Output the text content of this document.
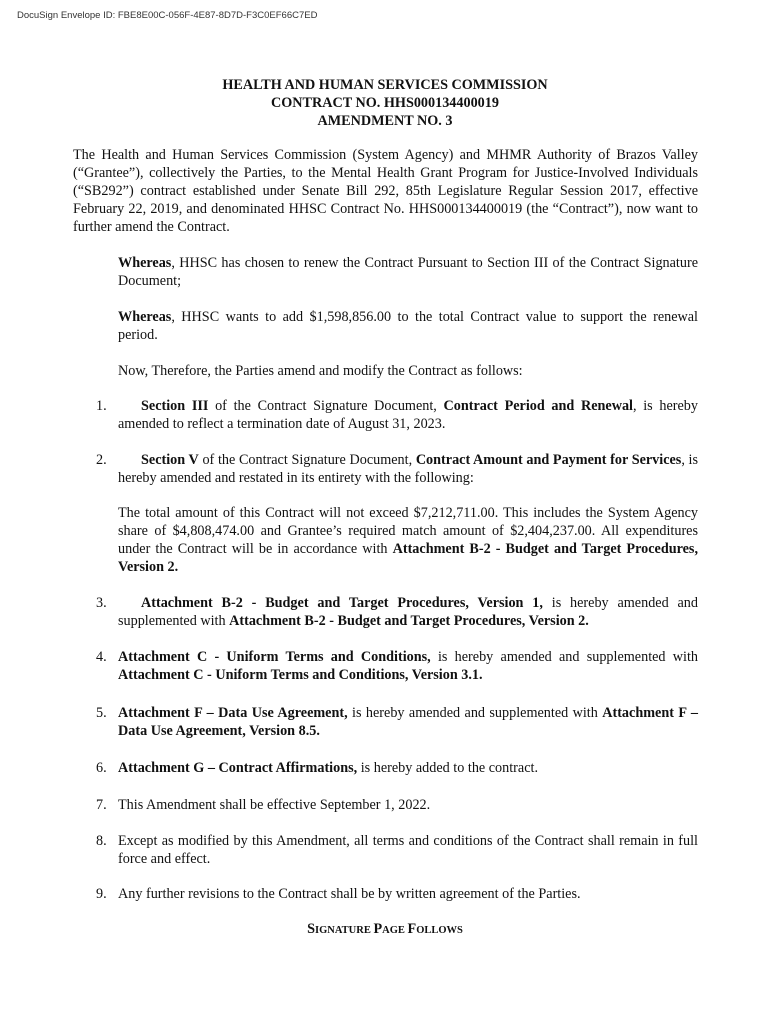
DocuSign Envelope ID: FBE8E00C-056F-4E87-8D7D-F3C0EF66C7ED
HEALTH AND HUMAN SERVICES COMMISSION
CONTRACT NO. HHS000134400019
AMENDMENT NO. 3

The Health and Human Services Commission (System Agency) and MHMR Authority of Brazos Valley (“Grantee”), collectively the Parties, to the Mental Health Grant Program for Justice-Involved Individuals (“SB292”) contract established under Senate Bill 292, 85th Legislature Regular Session 2017, effective February 22, 2019, and denominated HHSC Contract No. HHS000134400019 (the “Contract”), now want to further amend the Contract.

Whereas, HHSC has chosen to renew the Contract Pursuant to Section III of the Contract Signature Document;

Whereas, HHSC wants to add $1,598,856.00 to the total Contract value to support the renewal period.

Now, Therefore, the Parties amend and modify the Contract as follows:

1.	Section III of the Contract Signature Document, Contract Period and Renewal, is hereby amended to reflect a termination date of August 31, 2023.

2.	Section V of the Contract Signature Document, Contract Amount and Payment for Services, is hereby amended and restated in its entirety with the following:

The total amount of this Contract will not exceed $7,212,711.00. This includes the System Agency share of $4,808,474.00 and Grantee’s required match amount of $2,404,237.00. All expenditures under the Contract will be in accordance with Attachment B-2 - Budget and Target Procedures, Version 2.

3.	Attachment B-2 - Budget and Target Procedures, Version 1, is hereby amended and supplemented with Attachment B-2 - Budget and Target Procedures, Version 2.

4. Attachment C - Uniform Terms and Conditions, is hereby amended and supplemented with Attachment C - Uniform Terms and Conditions, Version 3.1.

5. Attachment F – Data Use Agreement, is hereby amended and supplemented with Attachment F – Data Use Agreement, Version 8.5.

6. Attachment G – Contract Affirmations, is hereby added to the contract.

7. This Amendment shall be effective September 1, 2022.

8. Except as modified by this Amendment, all terms and conditions of the Contract shall remain in full force and effect.

9. Any further revisions to the Contract shall be by written agreement of the Parties.

SIGNATURE PAGE FOLLOWS
